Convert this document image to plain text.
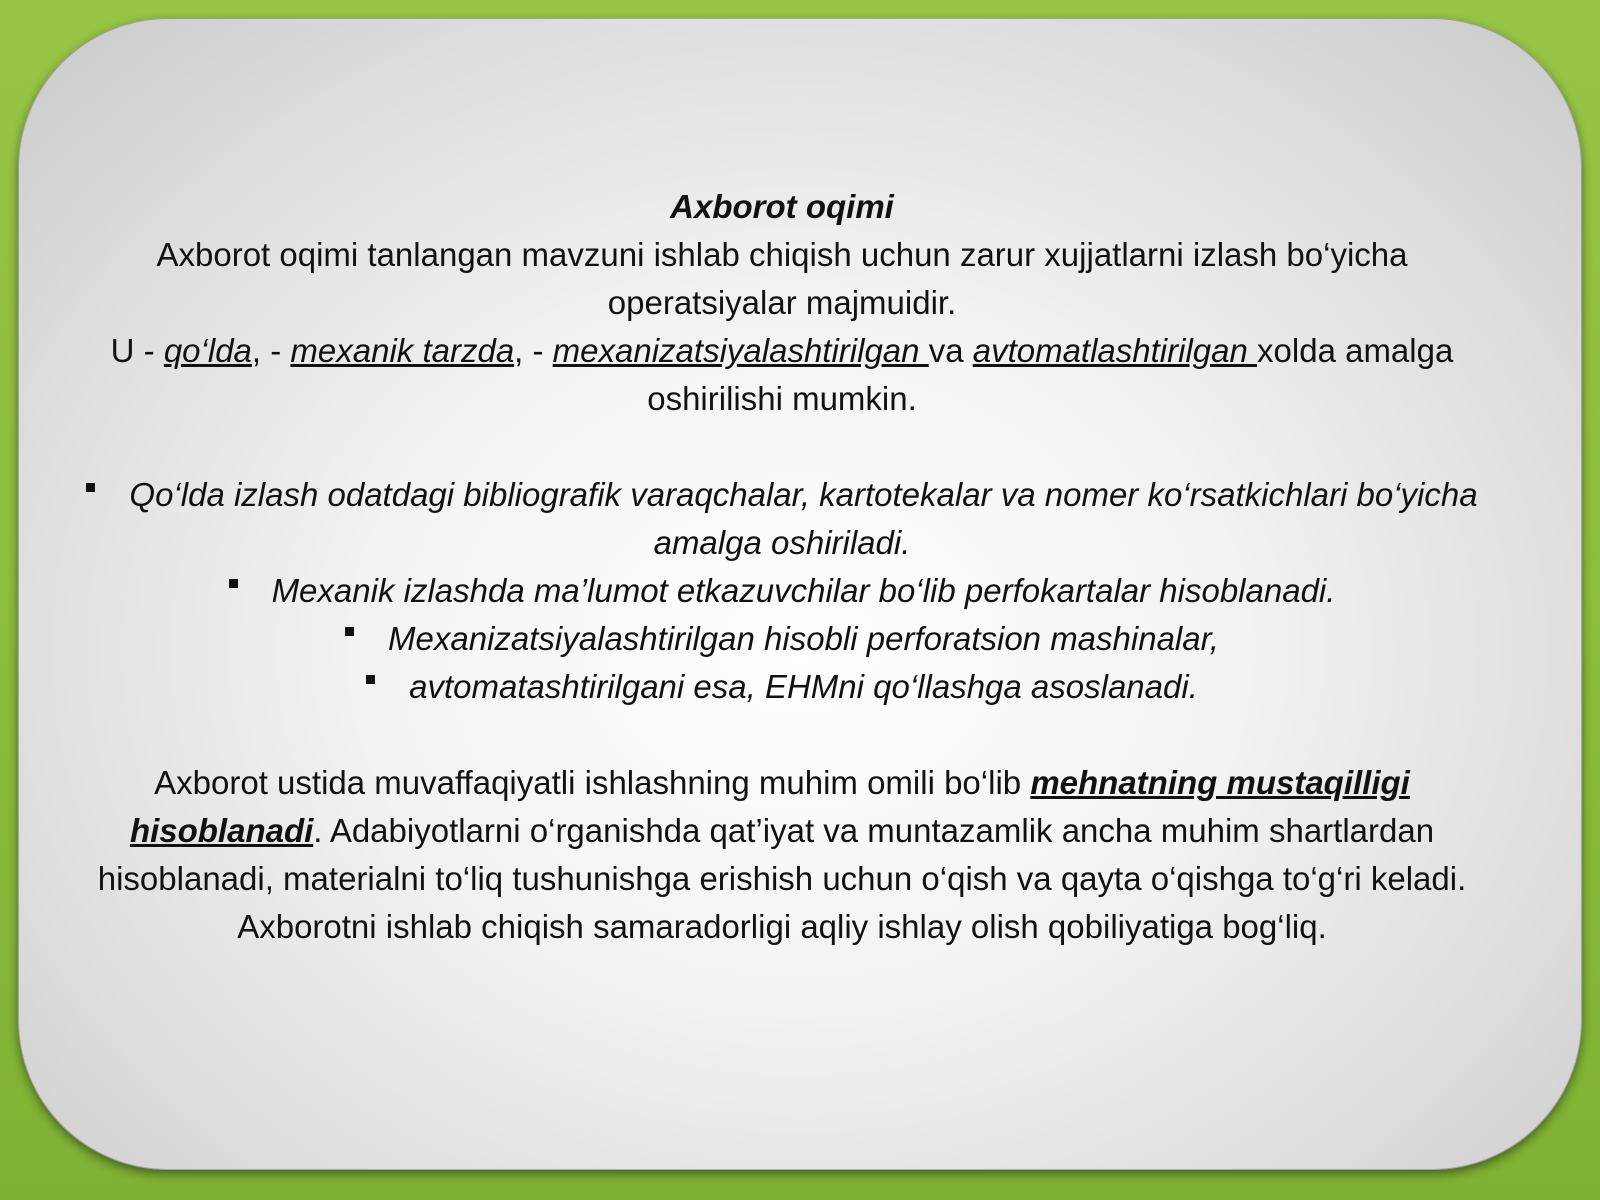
Axborot oqimi

Axborot oqimi tanlangan mavzuni ishlab chiqish uchun zarur xujjatlarni izlash bo‘yicha operatsiyalar majmuidir.

U - qo‘lda, - mexanik tarzda, - mexanizatsiyalashtirilgan va avtomatlashtirilgan xolda amalga oshirilishi mumkin.

Qo‘lda izlash odatdagi bibliografik varaqchalar, kartotekalar va nomer ko‘rsatkichlari bo‘yicha amalga oshiriladi.
Mexanik izlashda ma’lumot etkazuvchilar bo‘lib perfokartalar hisoblanadi.
Mexanizatsiyalashtirilgan hisobli perforatsion mashinalar,
avtomatashtirilgani esa, EHMni qo‘llashga asoslanadi.

Axborot ustida muvaffaqiyatli ishlashning muhim omili bo‘lib mehnatning mustaqilligi hisoblanadi. Adabiyotlarni o‘rganishda qat’iyat va muntazamlik ancha muhim shartlardan hisoblanadi, materialni to‘liq tushunishga erishish uchun o‘qish va qayta o‘qishga to‘g‘ri keladi. Axborotni ishlab chiqish samaradorligi aqliy ishlay olish qobiliyatiga bog‘liq.
